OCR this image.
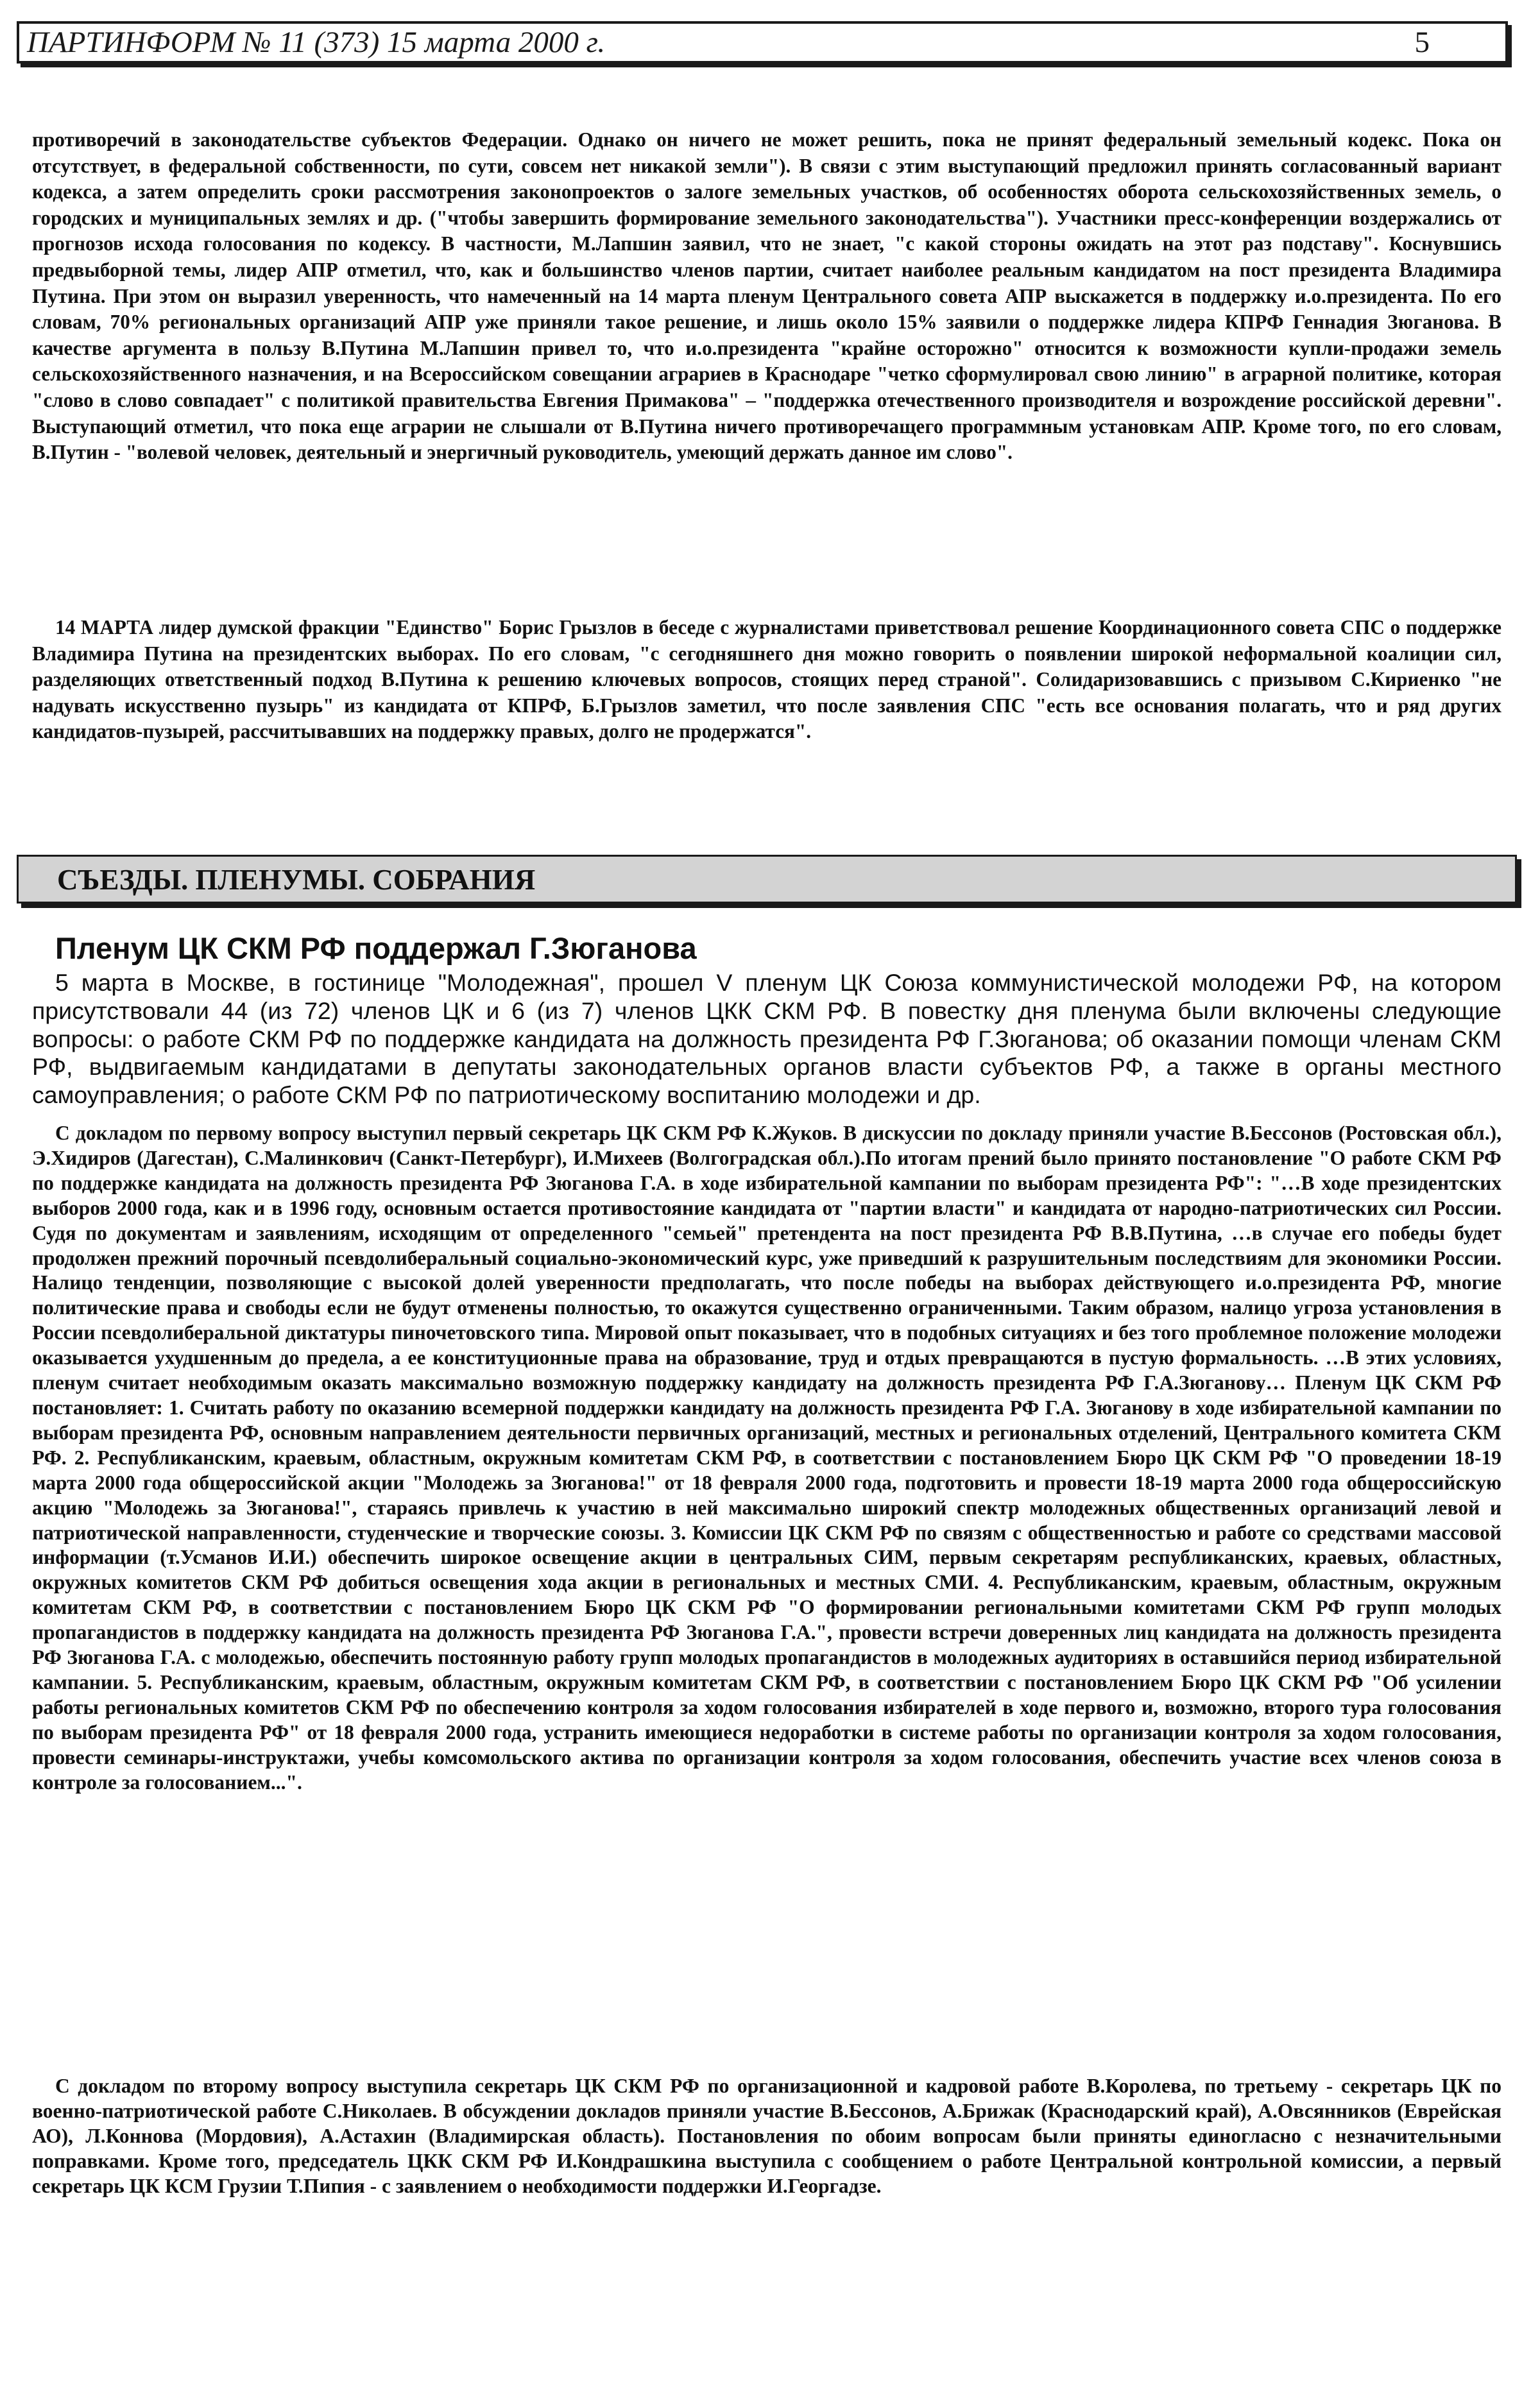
ПАРТИНФОРМ № 11 (373) 15 марта 2000 г.	5

противоречий в законодательстве субъектов Федерации. Однако он ничего не может решить, пока не принят федеральный земельный кодекс. Пока он отсутствует, в федеральной собственности, по сути, совсем нет никакой земли"). В связи с этим выступающий предложил принять согласованный вариант кодекса, а затем определить сроки рассмотрения законопроектов о залоге земельных участков, об особенностях оборота сельскохозяйственных земель, о городских и муниципальных землях и др. ("чтобы завершить формирование земельного законодательства"). Участники пресс-конференции воздержались от прогнозов исхода голосования по кодексу. В частности, М.Лапшин заявил, что не знает, "с какой стороны ожидать на этот раз подставу". Коснувшись предвыборной темы, лидер АПР отметил, что, как и большинство членов партии, считает наиболее реальным кандидатом на пост президента Владимира Путина. При этом он выразил уверенность, что намеченный на 14 марта пленум Центрального совета АПР выскажется в поддержку и.о.президента. По его словам, 70% региональных организаций АПР уже приняли такое решение, и лишь около 15% заявили о поддержке лидера КПРФ Геннадия Зюганова. В качестве аргумента в пользу В.Путина М.Лапшин привел то, что и.о.президента "крайне осторожно" относится к возможности купли-продажи земель сельскохозяйственного назначения, и на Всероссийском совещании аграриев в Краснодаре "четко сформулировал свою линию" в аграрной политике, которая "слово в слово совпадает" с политикой правительства Евгения Примакова" – "поддержка отечественного производителя и возрождение российской деревни". Выступающий отметил, что пока еще аграрии не слышали от В.Путина ничего противоречащего программным установкам АПР. Кроме того, по его словам, В.Путин - "волевой человек, деятельный и энергичный руководитель, умеющий держать данное им слово".

14 МАРТА лидер думской фракции "Единство" Борис Грызлов в беседе с журналистами приветствовал решение Координационного совета СПС о поддержке Владимира Путина на президентских выборах. По его словам, "с сегодняшнего дня можно говорить о появлении широкой неформальной коалиции сил, разделяющих ответственный подход В.Путина к решению ключевых вопросов, стоящих перед страной". Солидаризовавшись с призывом С.Кириенко "не надувать искусственно пузырь" из кандидата от КПРФ, Б.Грызлов заметил, что после заявления СПС "есть все основания полагать, что и ряд других кандидатов-пузырей, рассчитывавших на поддержку правых, долго не продержатся".

СЪЕЗДЫ. ПЛЕНУМЫ. СОБРАНИЯ
Пленум ЦК СКМ РФ поддержал Г.Зюганова

5 марта в Москве, в гостинице "Молодежная", прошел V пленум ЦК Союза коммунистической молодежи РФ, на котором присутствовали 44 (из 72) членов ЦК и 6 (из 7) членов ЦКК СКМ РФ. В повестку дня пленума были включены следующие вопросы: о работе СКМ РФ по поддержке кандидата на должность президента РФ Г.Зюганова; об оказании помощи членам СКМ РФ, выдвигаемым кандидатами в депутаты законодательных органов власти субъектов РФ, а также в органы местного самоуправления; о работе СКМ РФ по патриотическому воспитанию молодежи и др.

С докладом по первому вопросу выступил первый секретарь ЦК СКМ РФ К.Жуков. В дискуссии по докладу приняли участие В.Бессонов (Ростовская обл.), Э.Хидиров (Дагестан), С.Малинкович (Санкт-Петербург), И.Михеев (Волгоградская обл.).По итогам прений было принято постановление "О работе СКМ РФ по поддержке кандидата на должность президента РФ Зюганова Г.А. в ходе избирательной кампании по выборам президента РФ": "…В ходе президентских выборов 2000 года, как и в 1996 году, основным остается противостояние кандидата от "партии власти" и кандидата от народно-патриотических сил России. Судя по документам и заявлениям, исходящим от определенного "семьей" претендента на пост президента РФ В.В.Путина, …в случае его победы будет продолжен прежний порочный псевдолиберальный социально-экономический курс, уже приведший к разрушительным последствиям для экономики России. Налицо тенденции, позволяющие с высокой долей уверенности предполагать, что после победы на выборах действующего и.о.президента РФ, многие политические права и свободы если не будут отменены полностью, то окажутся существенно ограниченными. Таким образом, налицо угроза установления в России псевдолиберальной диктатуры пиночетовского типа. Мировой опыт показывает, что в подобных ситуациях и без того проблемное положение молодежи оказывается ухудшенным до предела, а ее конституционные права на образование, труд и отдых превращаются в пустую формальность. …В этих условиях, пленум считает необходимым оказать максимально возможную поддержку кандидату на должность президента РФ Г.А.Зюганову… Пленум ЦК СКМ РФ постановляет: 1. Считать работу по оказанию всемерной поддержки кандидату на должность президента РФ Г.А. Зюганову в ходе избирательной кампании по выборам президента РФ, основным направлением деятельности первичных организаций, местных и региональных отделений, Центрального комитета СКМ РФ. 2. Республиканским, краевым, областным, окружным комитетам СКМ РФ, в соответствии с постановлением Бюро ЦК СКМ РФ "О проведении 18-19 марта 2000 года общероссийской акции "Молодежь за Зюганова!" от 18 февраля 2000 года, подготовить и провести 18-19 марта 2000 года общероссийскую акцию "Молодежь за Зюганова!", стараясь привлечь к участию в ней максимально широкий спектр молодежных общественных организаций левой и патриотической направленности, студенческие и творческие союзы. 3. Комиссии ЦК СКМ РФ по связям с общественностью и работе со средствами массовой информации (т.Усманов И.И.) обеспечить широкое освещение акции в центральных СИМ, первым секретарям республиканских, краевых, областных, окружных комитетов СКМ РФ добиться освещения хода акции в региональных и местных СМИ. 4. Республиканским, краевым, областным, окружным комитетам СКМ РФ, в соответствии с постановлением Бюро ЦК СКМ РФ "О формировании региональными комитетами СКМ РФ групп молодых пропагандистов в поддержку кандидата на должность президента РФ Зюганова Г.А.", провести встречи доверенных лиц кандидата на должность президента РФ Зюганова Г.А. с молодежью, обеспечить постоянную работу групп молодых пропагандистов в молодежных аудиториях в оставшийся период избирательной кампании. 5. Республиканским, краевым, областным, окружным комитетам СКМ РФ, в соответствии с постановлением Бюро ЦК СКМ РФ "Об усилении работы региональных комитетов СКМ РФ по обеспечению контроля за ходом голосования избирателей в ходе первого и, возможно, второго тура голосования по выборам президента РФ" от 18 февраля 2000 года, устранить имеющиеся недоработки в системе работы по организации контроля за ходом голосования, провести семинары-инструктажи, учебы комсомольского актива по организации контроля за ходом голосования, обеспечить участие всех членов союза в контроле за голосованием...".

С докладом по второму вопросу выступила секретарь ЦК СКМ РФ по организационной и кадровой работе В.Королева, по третьему - секретарь ЦК по военно-патриотической работе С.Николаев. В обсуждении докладов приняли участие В.Бессонов, А.Брижак (Краснодарский край), А.Овсянников (Еврейская АО), Л.Коннова (Мордовия), А.Астахин (Владимирская область). Постановления по обоим вопросам были приняты единогласно с незначительными поправками. Кроме того, председатель ЦКК СКМ РФ И.Кондрашкина выступила с сообщением о работе Центральной контрольной комиссии, а первый секретарь ЦК КСМ Грузии Т.Пипия - с заявлением о необходимости поддержки И.Георгадзе.
